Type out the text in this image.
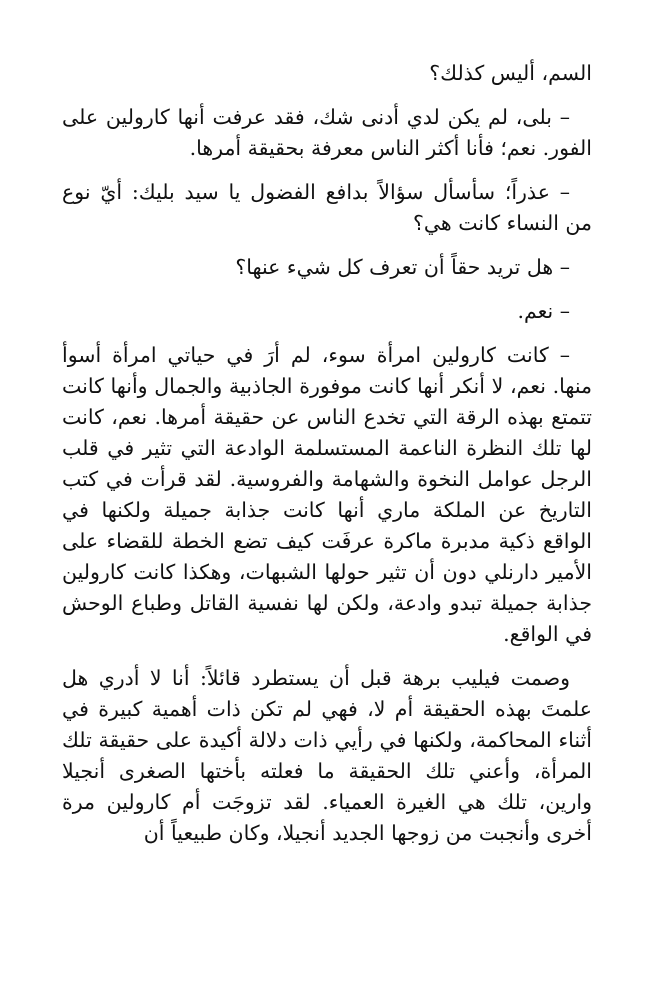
السم، أليس كذلك؟

– بلى، لم يكن لدي أدنى شك، فقد عرفت أنها كارولين على الفور. نعم؛ فأنا أكثر الناس معرفة بحقيقة أمرها.

– عذراً؛ سأسأل سؤالاً بدافع الفضول يا سيد بليك: أيّ نوع من النساء كانت هي؟

– هل تريد حقاً أن تعرف كل شيء عنها؟

– نعم.

– كانت كارولين امرأة سوء، لم أرَ في حياتي امرأة أسوأ منها. نعم، لا أنكر أنها كانت موفورة الجاذبية والجمال وأنها كانت تتمتع بهذه الرقة التي تخدع الناس عن حقيقة أمرها. نعم، كانت لها تلك النظرة الناعمة المستسلمة الوادعة التي تثير في قلب الرجل عوامل النخوة والشهامة والفروسية. لقد قرأت في كتب التاريخ عن الملكة ماري أنها كانت جذابة جميلة ولكنها في الواقع ذكية مدبرة ماكرة عرفَت كيف تضع الخطة للقضاء على الأمير دارنلي دون أن تثير حولها الشبهات، وهكذا كانت كارولين جذابة جميلة تبدو وادعة، ولكن لها نفسية القاتل وطباع الوحش في الواقع.

وصمت فيليب برهة قبل أن يستطرد قائلاً: أنا لا أدري هل علمتَ بهذه الحقيقة أم لا، فهي لم تكن ذات أهمية كبيرة في أثناء المحاكمة، ولكنها في رأيي ذات دلالة أكيدة على حقيقة تلك المرأة، وأعني تلك الحقيقة ما فعلته بأختها الصغرى أنجيلا وارين، تلك هي الغيرة العمياء. لقد تزوجَت أم كارولين مرة أخرى وأنجبت من زوجها الجديد أنجيلا، وكان طبيعياً أن
